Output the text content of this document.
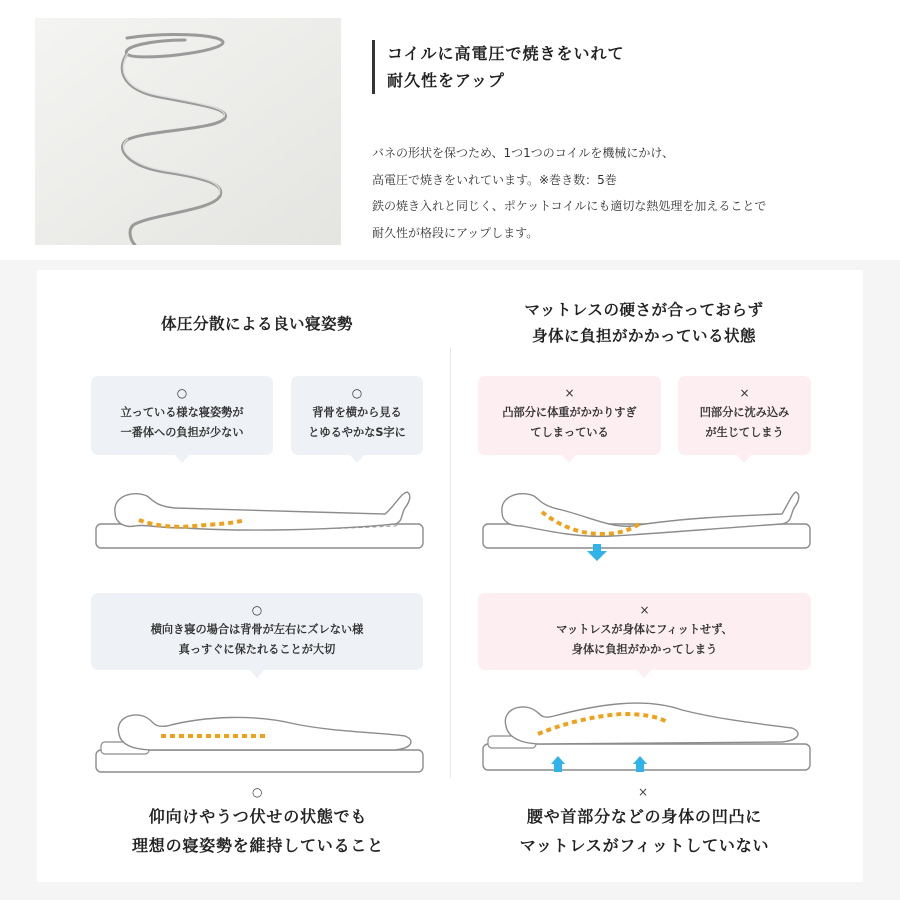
コイルに高電圧で焼きをいれて
耐久性をアップ
バネの形状を保つため、1つ1つのコイルを機械にかけ、
高電圧で焼きをいれています。※巻き数：5巻
鉄の焼き入れと同じく、ポケットコイルにも適切な熱処理を加えることで
耐久性が格段にアップします。
体圧分散による良い寝姿勢
○
立っている様な寝姿勢が
一番体への負担が少ない
○
背骨を横から見る
とゆるやかなS字に
○
横向き寝の場合は背骨が左右にズレない様
真っすぐに保たれることが大切
○
仰向けやうつ伏せの状態でも
理想の寝姿勢を維持していること
マットレスの硬さが合っておらず
身体に負担がかかっている状態
×
凸部分に体重がかかりすぎ
てしまっている
×
凹部分に沈み込み
が生じてしまう
×
マットレスが身体にフィットせず、
身体に負担がかかってしまう
×
腰や首部分などの身体の凹凸に
マットレスがフィットしていない
